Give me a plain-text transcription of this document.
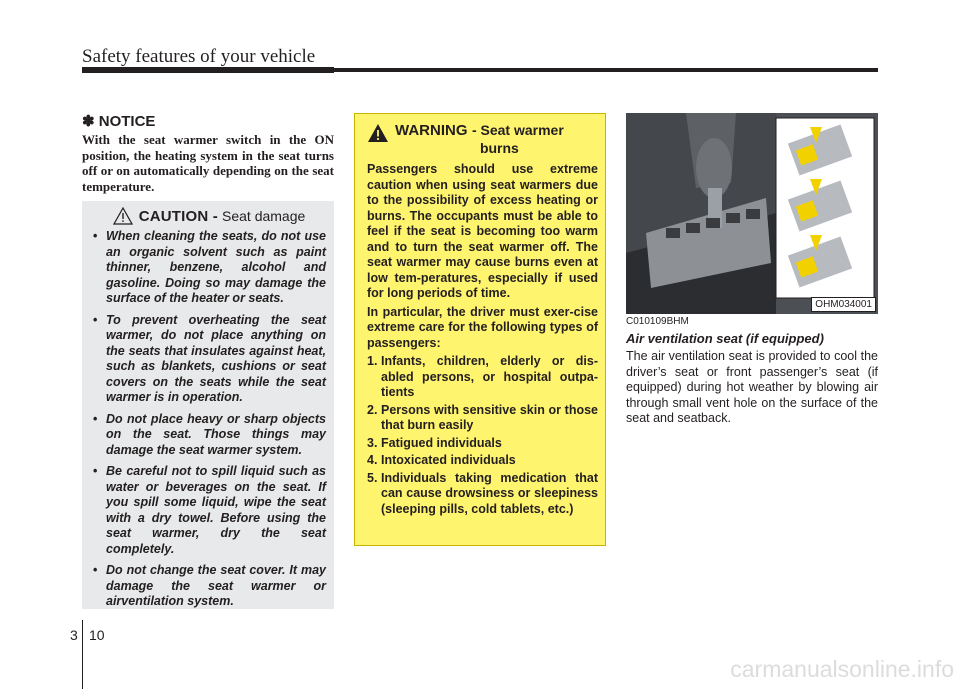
Safety features of your vehicle
✽ NOTICE
With the seat warmer switch in the ON position, the heating system in the seat turns off or on automatically depending on the seat temperature.
CAUTION - Seat damage
• When cleaning the seats, do not use an organic solvent such as paint thinner, benzene, alcohol and gasoline. Doing so may damage the surface of the heater or seats.
• To prevent overheating the seat warmer, do not place anything on the seats that insulates against heat, such as blankets, cushions or seat covers on the seats while the seat warmer is in operation.
• Do not place heavy or sharp objects on the seat. Those things may damage the seat warmer system.
• Be careful not to spill liquid such as water or beverages on the seat. If you spill some liquid, wipe the seat with a dry towel. Before using the seat warmer, dry the seat completely.
• Do not change the seat cover. It may damage the seat warmer or airventilation system.
WARNING - Seat warmer
burns

Passengers should use extreme caution when using seat warmers due to the possibility of excess heating or burns. The occupants must be able to feel if the seat is becoming too warm and to turn the seat warmer off. The seat warmer may cause burns even at low tem-peratures, especially if used for long periods of time.

In particular, the driver must exer-cise extreme care for the following types of passengers:

1. Infants, children, elderly or dis-abled persons, or hospital outpa-tients
2. Persons with sensitive skin or those that burn easily
3. Fatigued individuals
4. Intoxicated individuals
5. Individuals taking medication that can cause drowsiness or sleepiness (sleeping pills, cold tablets, etc.)
OHM034001
C010109BHM
Air ventilation seat (if equipped)
The air ventilation seat is provided to cool the driver’s seat or front passenger’s seat (if equipped) during hot weather by blowing air through small vent hole on the surface of the seat and seatback.
3 10
carmanualsonline.info
